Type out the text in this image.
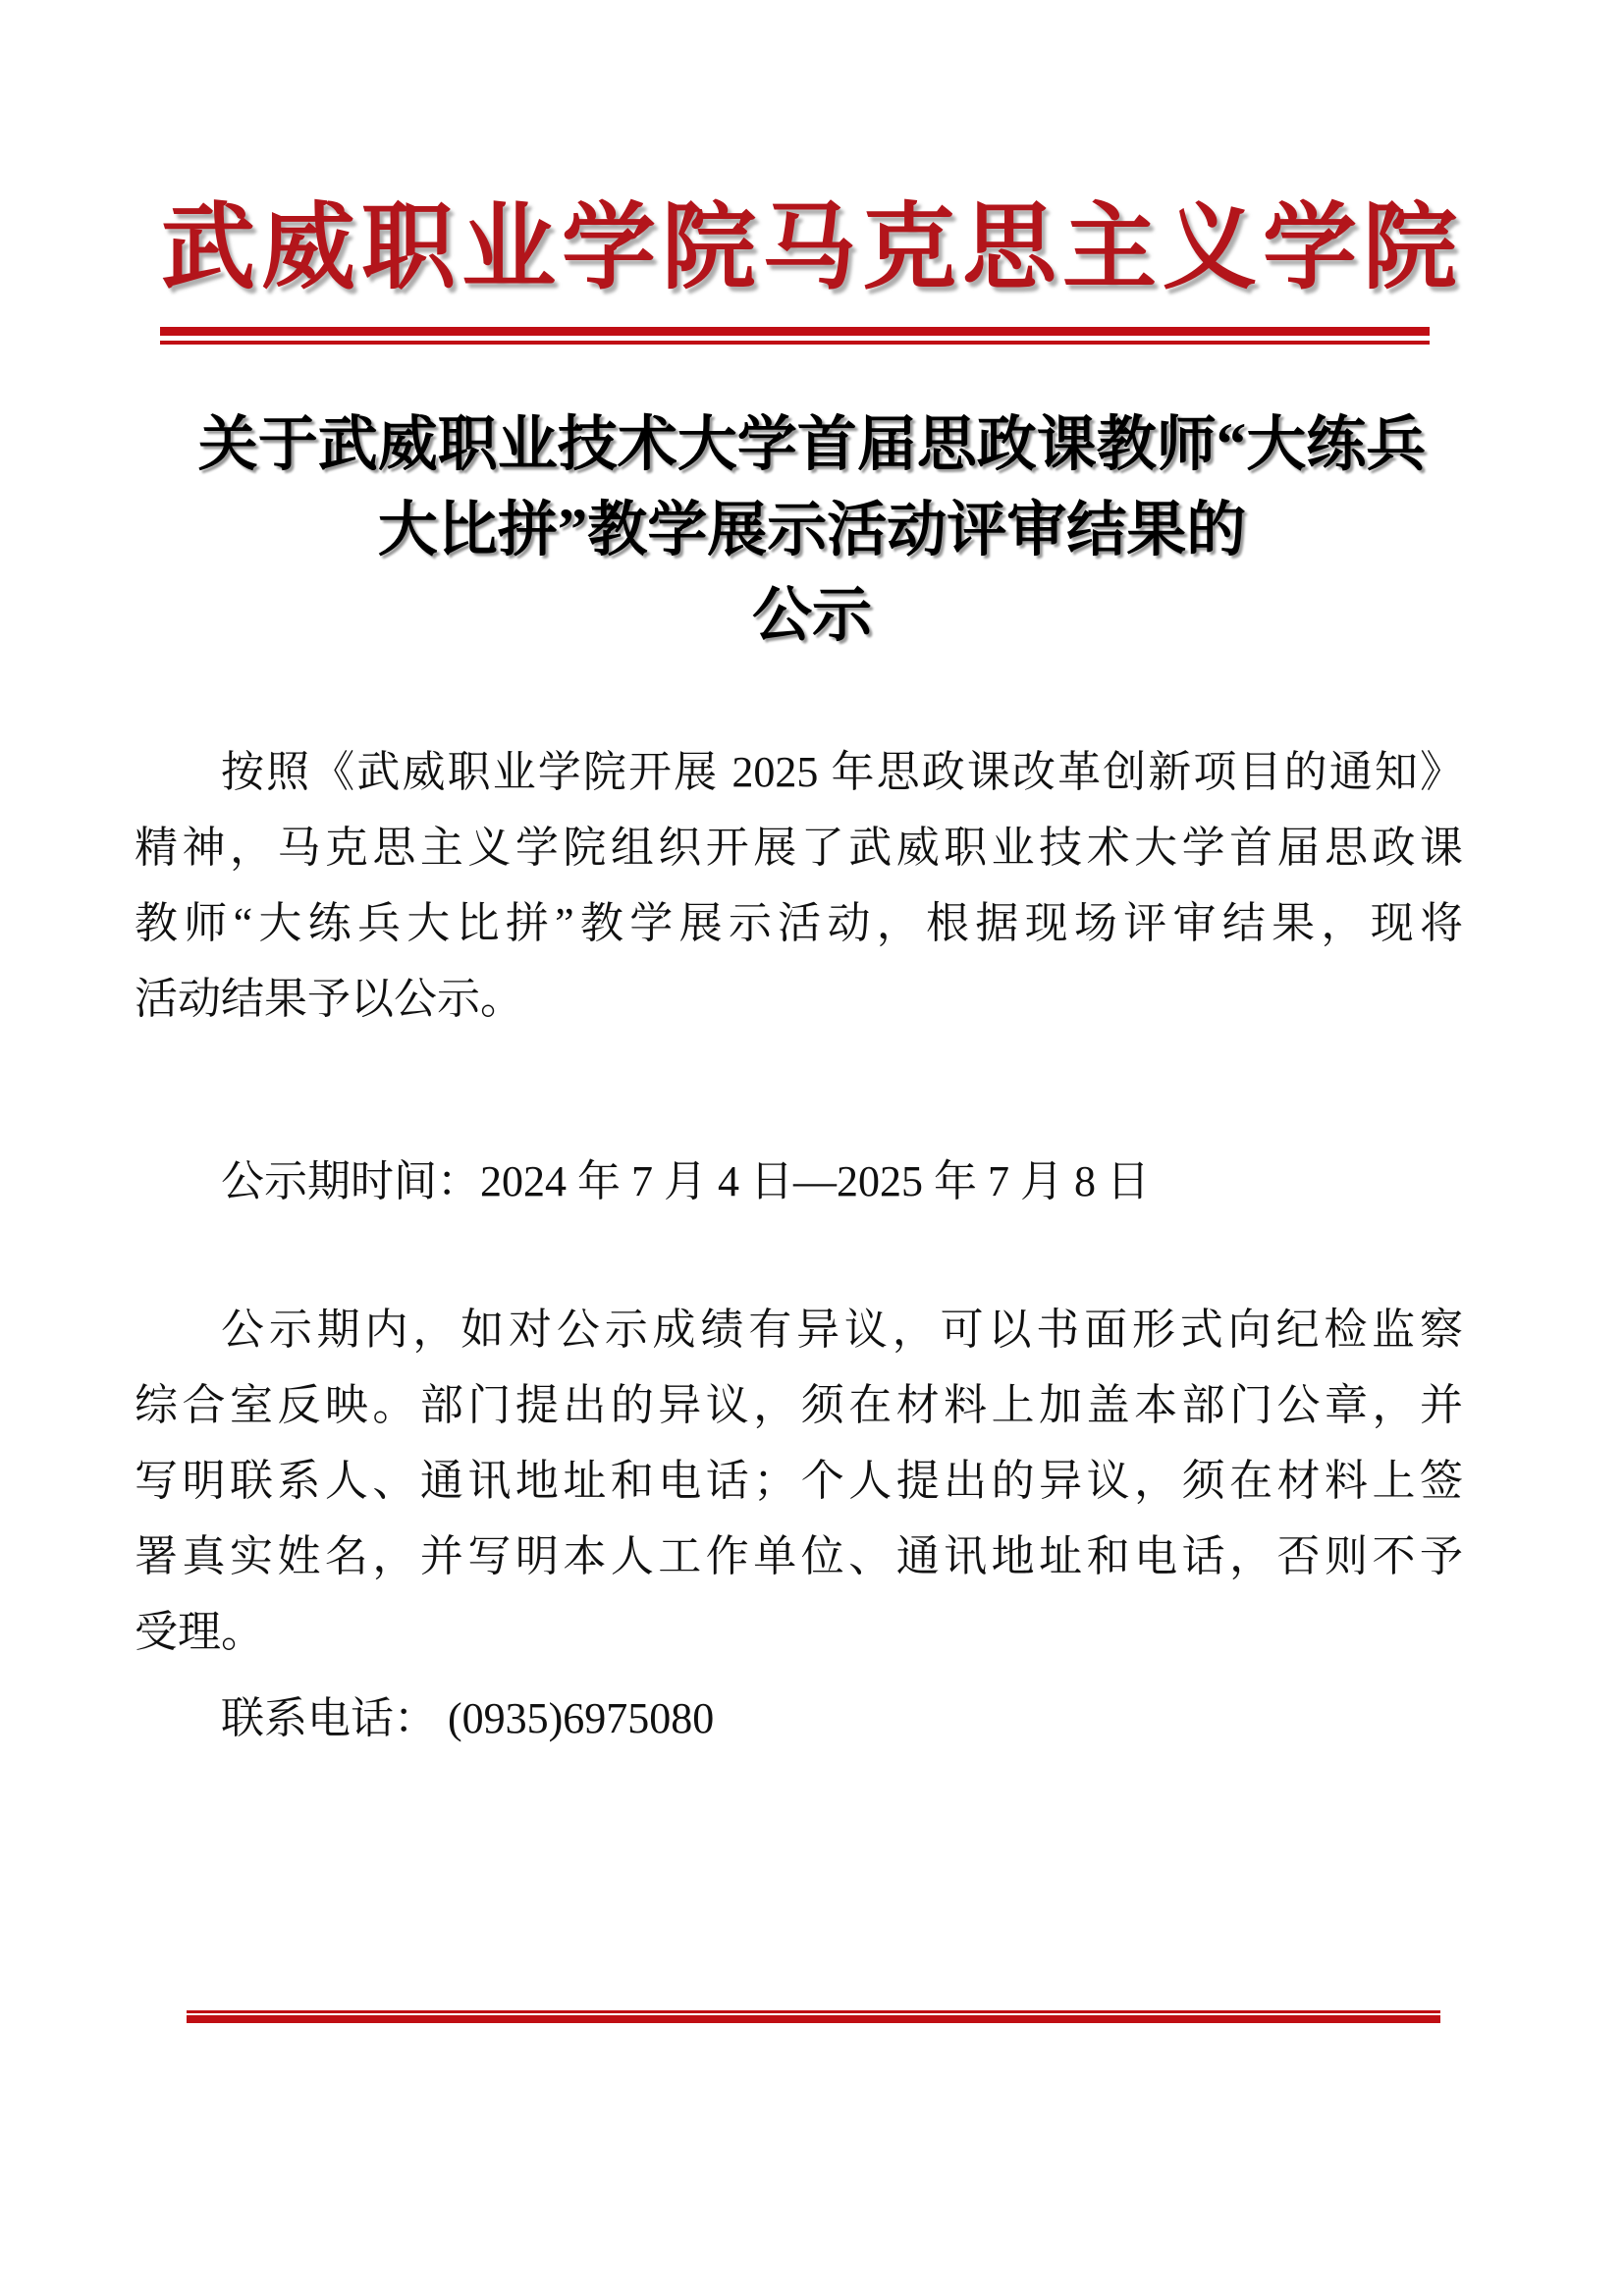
武威职业学院马克思主义学院
关于武威职业技术大学首届思政课教师“大练兵
大比拼”教学展示活动评审结果的
公示
按照《武威职业学院开展 2025 年思政课改革创新项目的通知》
精神，马克思主义学院组织开展了武威职业技术大学首届思政课
教师“大练兵大比拼”教学展示活动，根据现场评审结果，现将
活动结果予以公示。
公示期时间：2024 年 7 月 4 日—2025 年 7 月 8 日
公示期内，如对公示成绩有异议，可以书面形式向纪检监察
综合室反映。部门提出的异议，须在材料上加盖本部门公章，并
写明联系人、通讯地址和电话；个人提出的异议，须在材料上签
署真实姓名，并写明本人工作单位、通讯地址和电话，否则不予
受理。
联系电话： (0935)6975080
